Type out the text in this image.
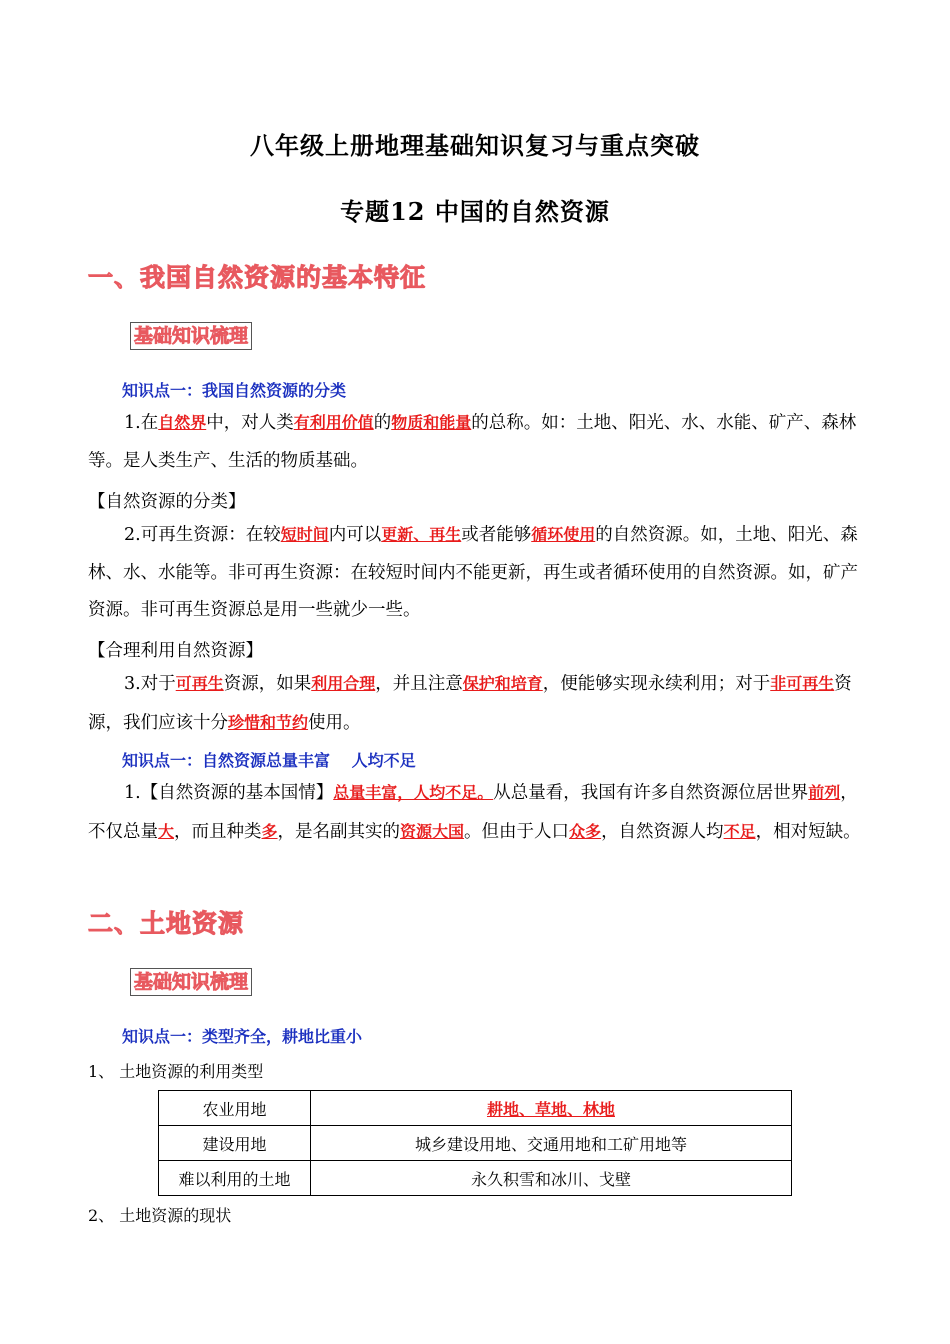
八年级上册地理基础知识复习与重点突破
专题12 中国的自然资源
一、我国自然资源的基本特征
基础知识梳理
知识点一：我国自然资源的分类
1.在自然界中，对人类有利用价值的物质和能量的总称。如：土地、阳光、水、水能、矿产、森林等。是人类生产、生活的物质基础。
【自然资源的分类】
2.可再生资源：在较短时间内可以更新、再生或者能够循环使用的自然资源。如，土地、阳光、森林、水、水能等。非可再生资源：在较短时间内不能更新，再生或者循环使用的自然资源。如，矿产资源。非可再生资源总是用一些就少一些。
【合理利用自然资源】
3.对于可再生资源，如果利用合理，并且注意保护和培育，便能够实现永续利用；对于非可再生资源，我们应该十分珍惜和节约使用。
知识点一：自然资源总量丰富　 人均不足
1.【自然资源的基本国情】总量丰富，人均不足。从总量看，我国有许多自然资源位居世界前列，不仅总量大，而且种类多，是名副其实的资源大国。但由于人口众多，自然资源人均不足，相对短缺。
二、土地资源
基础知识梳理
知识点一：类型齐全，耕地比重小
1、 土地资源的利用类型
农业用地	耕地、草地、林地
建设用地	城乡建设用地、交通用地和工矿用地等
难以利用的土地	永久积雪和冰川、戈壁
2、 土地资源的现状
